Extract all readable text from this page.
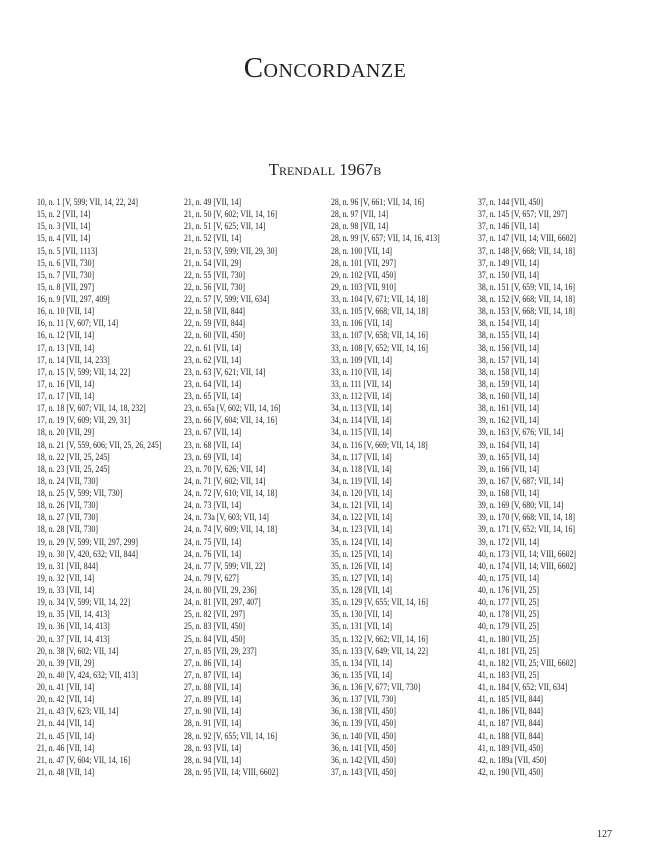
Concordanze
Trendall 1967b
10, n. 1 [V, 599; VII, 14, 22, 24]
15, n. 2 [VII, 14]
15, n. 3 [VII, 14]
15, n. 4 [VII, 14]
15, n. 5 [VII, 1113]
15, n. 6 [VII, 730]
15, n. 7 [VII, 730]
15, n. 8 [VII, 297]
16, n. 9 [VII, 297, 409]
16, n. 10 [VII, 14]
16, n. 11 [V, 607; VII, 14]
16, n. 12 [VII, 14]
17, n. 13 [VII, 14]
17, n. 14 [VII, 14, 233]
17, n. 15 [V, 599; VII, 14, 22]
17, n. 16 [VII, 14]
17, n. 17 [VII, 14]
17, n. 18 [V, 607; VII, 14, 18, 232]
17, n. 19 [V, 609; VII, 29, 31]
18, n. 20 [VII, 29]
18, n. 21 [V, 559, 606; VII, 25, 26, 245]
18, n. 22 [VII, 25, 245]
18, n. 23 [VII, 25, 245]
18, n. 24 [VII, 730]
18, n. 25 [V, 599; VII, 730]
18, n. 26 [VII, 730]
18, n. 27 [VII, 730]
18, n. 28 [VII, 730]
19, n. 29 [V, 599; VII, 297, 299]
19, n. 30 [V, 420, 632; VII, 844]
19, n. 31 [VII, 844]
19, n. 32 [VII, 14]
19, n. 33 [VII, 14]
19, n. 34 [V, 599; VII, 14, 22]
19, n. 35 [VII, 14, 413]
19, n. 36 [VII, 14, 413]
20, n. 37 [VII, 14, 413]
20, n. 38 [V, 602; VII, 14]
20, n. 39 [VII, 29]
20, n. 40 [V, 424, 632; VII, 413]
20, n. 41 [VII, 14]
20, n. 42 [VII, 14]
21, n. 43 [V, 623; VII, 14]
21, n. 44 [VII, 14]
21, n. 45 [VII, 14]
21, n. 46 [VII, 14]
21, n. 47 [V, 604; VII, 14, 16]
21, n. 48 [VII, 14]
21, n. 49 [VII, 14]
21, n. 50 [V, 602; VII, 14, 16]
21, n. 51 [V, 625; VII, 14]
21, n. 52 [VII, 14]
21, n. 53 [V, 599; VII, 29, 30]
21, n. 54 [VII, 29]
22, n. 55 [VII, 730]
22, n. 56 [VII, 730]
22, n. 57 [V, 599; VII, 634]
22, n. 58 [VII, 844]
22, n. 59 [VII, 844]
22, n. 60 [VII, 450]
22, n. 61 [VII, 14]
23, n. 62 [VII, 14]
23, n. 63 [V, 621; VII, 14]
23, n. 64 [VII, 14]
23, n. 65 [VII, 14]
23, n. 65a [V, 602; VII, 14, 16]
23, n. 66 [V, 604; VII, 14, 16]
23, n. 67 [VII, 14]
23, n. 68 [VII, 14]
23, n. 69 [VII, 14]
23, n. 70 [V, 626; VII, 14]
24, n. 71 [V, 602; VII, 14]
24, n. 72 [V, 610; VII, 14, 18]
24, n. 73 [VII, 14]
24, n. 73a [V, 603; VII, 14]
24, n. 74 [V, 609; VII, 14, 18]
24, n. 75 [VII, 14]
24, n. 76 [VII, 14]
24, n. 77 [V, 599; VII, 22]
24, n. 79 [V, 627]
24, n. 80 [VII, 29, 236]
24, n. 81 [VII, 297, 407]
25, n. 82 [VII, 297]
25, n. 83 [VII, 450]
25, n. 84 [VII, 450]
27, n. 85 [VII, 29, 237]
27, n. 86 [VII, 14]
27, n. 87 [VII, 14]
27, n. 88 [VII, 14]
27, n. 89 [VII, 14]
27, n. 90 [VII, 14]
28, n. 91 [VII, 14]
28, n. 92 [V, 655; VII, 14, 16]
28, n. 93 [VII, 14]
28, n. 94 [VII, 14]
28, n. 95 [VII, 14; VIII, 6602]
28, n. 96 [V, 661; VII, 14, 16]
28, n. 97 [VII, 14]
28, n. 98 [VII, 14]
28, n. 99 [V, 657; VII, 14, 16, 413]
28, n. 100 [VII, 14]
28, n. 101 [VII, 297]
29, n. 102 [VII, 450]
29, n. 103 [VII, 910]
33, n. 104 [V, 671; VII, 14, 18]
33, n. 105 [V, 668; VII, 14, 18]
33, n. 106 [VII, 14]
33, n. 107 [V, 658; VII, 14, 16]
33, n. 108 [V, 652; VII, 14, 16]
33, n. 109 [VII, 14]
33, n. 110 [VII, 14]
33, n. 111 [VII, 14]
33, n. 112 [VII, 14]
34, n. 113 [VII, 14]
34, n. 114 [VII, 14]
34, n. 115 [VII, 14]
34, n. 116 [V, 669; VII, 14, 18]
34, n. 117 [VII, 14]
34, n. 118 [VII, 14]
34, n. 119 [VII, 14]
34, n. 120 [VII, 14]
34, n. 121 [VII, 14]
34, n. 122 [VII, 14]
34, n. 123 [VII, 14]
35, n. 124 [VII, 14]
35, n. 125 [VII, 14]
35, n. 126 [VII, 14]
35, n. 127 [VII, 14]
35, n. 128 [VII, 14]
35, n. 129 [V, 655; VII, 14, 16]
35, n. 130 [VII, 14]
35, n. 131 [VII, 14]
35, n. 132 [V, 662; VII, 14, 16]
35, n. 133 [V, 649; VII, 14, 22]
35, n. 134 [VII, 14]
36, n. 135 [VII, 14]
36, n. 136 [V, 677; VII, 730]
36, n. 137 [VII, 730]
36, n. 138 [VII, 450]
36, n. 139 [VII, 450]
36, n. 140 [VII, 450]
36, n. 141 [VII, 450]
36, n. 142 [VII, 450]
37, n. 143 [VII, 450]
37, n. 144 [VII, 450]
37, n. 145 [V, 657; VII, 297]
37, n. 146 [VII, 14]
37, n. 147 [VII, 14; VIII, 6602]
37, n. 148 [V, 668; VII, 14, 18]
37, n. 149 [VII, 14]
37, n. 150 [VII, 14]
38, n. 151 [V, 659; VII, 14, 16]
38, n. 152 [V, 668; VII, 14, 18]
38, n. 153 [V, 668; VII, 14, 18]
38, n. 154 [VII, 14]
38, n. 155 [VII, 14]
38, n. 156 [VII, 14]
38, n. 157 [VII, 14]
38, n. 158 [VII, 14]
38, n. 159 [VII, 14]
38, n. 160 [VII, 14]
38, n. 161 [VII, 14]
39, n. 162 [VII, 14]
39, n. 163 [V, 676; VII, 14]
39, n. 164 [VII, 14]
39, n. 165 [VII, 14]
39, n. 166 [VII, 14]
39, n. 167 [V, 687; VII, 14]
39, n. 168 [VII, 14]
39, n. 169 [V, 680; VII, 14]
39, n. 170 [V, 668; VII, 14, 18]
39, n. 171 [V, 652; VII, 14, 16]
39, n. 172 [VII, 14]
40, n. 173 [VII, 14; VIII, 6602]
40, n. 174 [VII, 14; VIII, 6602]
40, n. 175 [VII, 14]
40, n. 176 [VII, 25]
40, n. 177 [VII, 25]
40, n. 178 [VII, 25]
40, n. 179 [VII, 25]
41, n. 180 [VII, 25]
41, n. 181 [VII, 25]
41, n. 182 [VII, 25; VIII, 6602]
41, n. 183 [VII, 25]
41, n. 184 [V, 652; VII, 634]
41, n. 185 [VII, 844]
41, n. 186 [VII, 844]
41, n. 187 [VII, 844]
41, n. 188 [VII, 844]
41, n. 189 [VII, 450]
42, n. 189a [VII, 450]
42, n. 190 [VII, 450]
127
